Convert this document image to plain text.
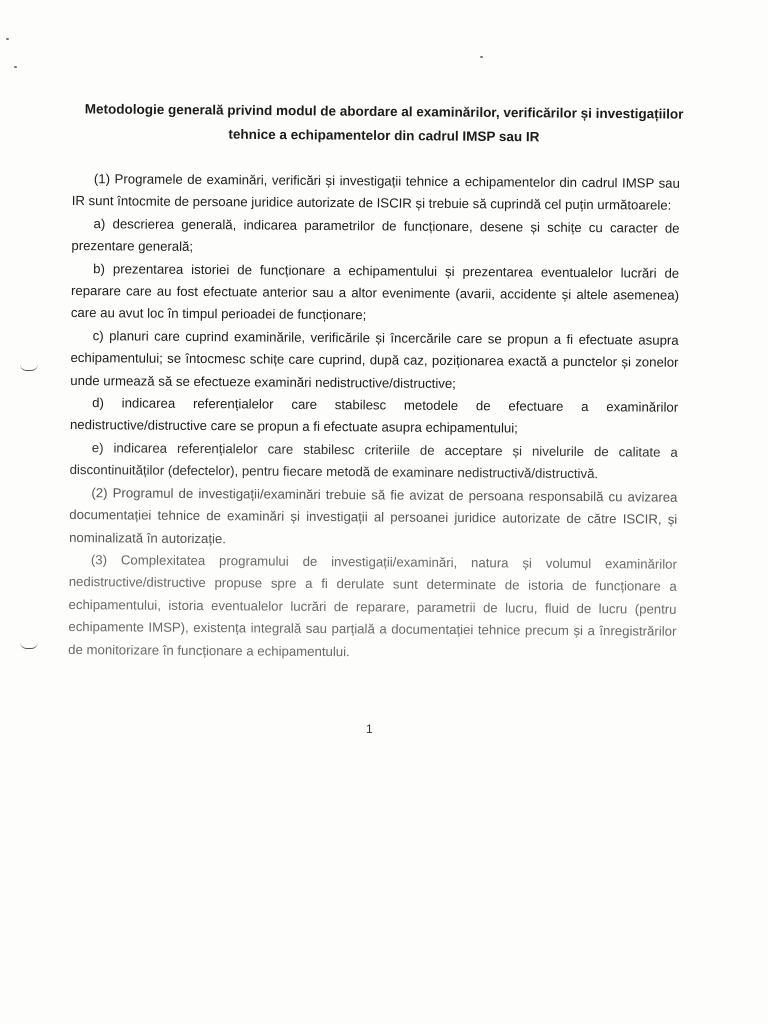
Metodologie generală privind modul de abordare al examinărilor, verificărilor și investigațiilor tehnice a echipamentelor din cadrul IMSP sau IR

(1) Programele de examinări, verificări și investigații tehnice a echipamentelor din cadrul IMSP sau IR sunt întocmite de persoane juridice autorizate de ISCIR și trebuie să cuprindă cel puțin următoarele:

a) descrierea generală, indicarea parametrilor de funcționare, desene și schițe cu caracter de prezentare generală;

b) prezentarea istoriei de funcționare a echipamentului și prezentarea eventualelor lucrări de reparare care au fost efectuate anterior sau a altor evenimente (avarii, accidente și altele asemenea) care au avut loc în timpul perioadei de funcționare;

c) planuri care cuprind examinările, verificările și încercările care se propun a fi efectuate asupra echipamentului; se întocmesc schițe care cuprind, după caz, poziționarea exactă a punctelor și zonelor unde urmează să se efectueze examinări nedistructive/distructive;

d) indicarea referențialelor care stabilesc metodele de efectuare a examinărilor nedistructive/distructive care se propun a fi efectuate asupra echipamentului;

e) indicarea referențialelor care stabilesc criteriile de acceptare și nivelurile de calitate a discontinuităților (defectelor), pentru fiecare metodă de examinare nedistructivă/distructivă.

(2) Programul de investigații/examinări trebuie să fie avizat de persoana responsabilă cu avizarea documentației tehnice de examinări și investigații al persoanei juridice autorizate de către ISCIR, și nominalizată în autorizație.

(3) Complexitatea programului de investigații/examinări, natura și volumul examinărilor nedistructive/distructive propuse spre a fi derulate sunt determinate de istoria de funcționare a echipamentului, istoria eventualelor lucrări de reparare, parametrii de lucru, fluid de lucru (pentru echipamente IMSP), existența integrală sau parțială a documentației tehnice precum și a înregistrărilor de monitorizare în funcționare a echipamentului.

1
